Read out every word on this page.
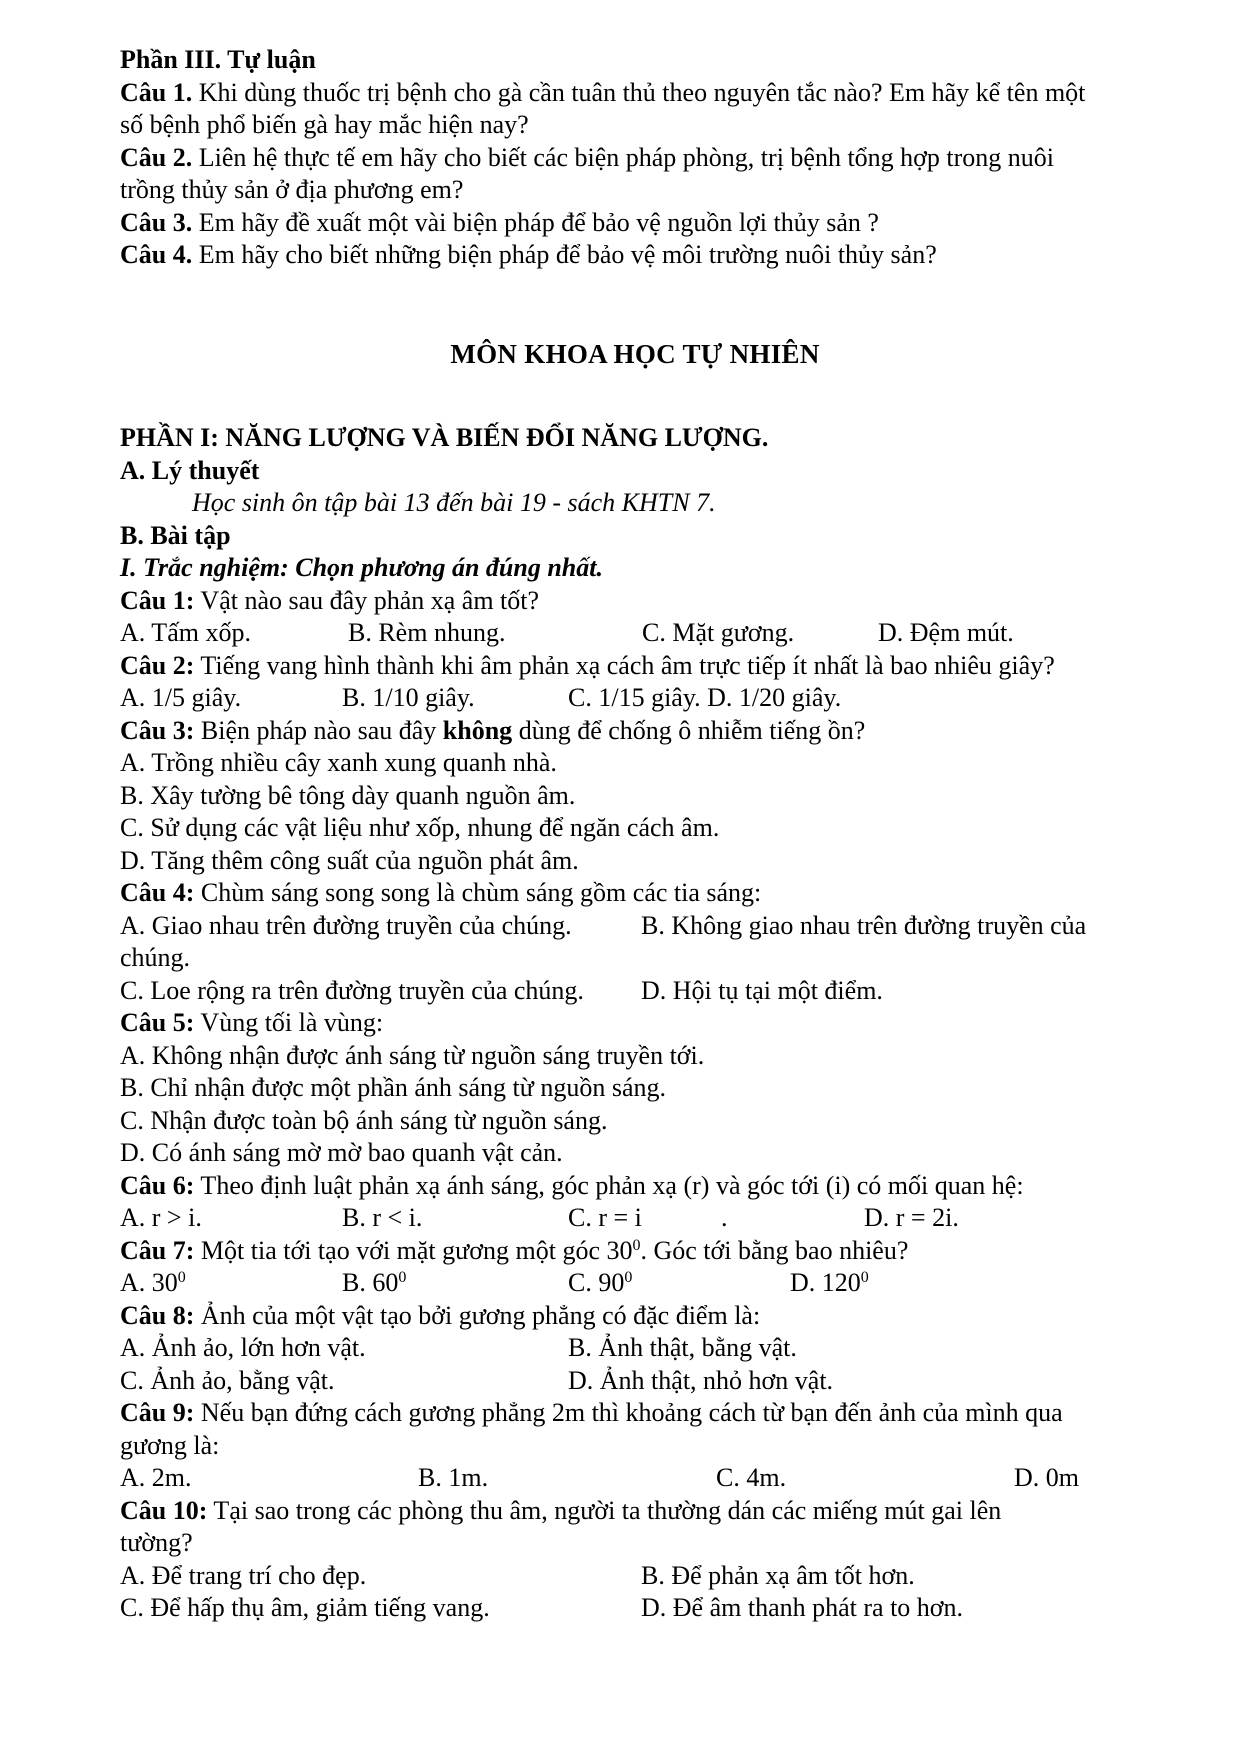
Phần III. Tự luận
Câu 1. Khi dùng thuốc trị bệnh cho gà cần tuân thủ theo nguyên tắc nào? Em hãy kể tên một
số bệnh phổ biến gà hay mắc hiện nay?
Câu 2. Liên hệ thực tế em hãy cho biết các biện pháp phòng, trị bệnh tổng hợp trong nuôi
trồng thủy sản ở địa phương em?
Câu 3. Em hãy đề xuất một vài biện pháp để bảo vệ nguồn lợi thủy sản ?
Câu 4. Em hãy cho biết những biện pháp để bảo vệ môi trường nuôi thủy sản?
MÔN KHOA HỌC TỰ NHIÊN
PHẦN I: NĂNG LƯỢNG VÀ BIẾN ĐỔI NĂNG LƯỢNG.
A. Lý thuyết
Học sinh ôn tập bài 13 đến bài 19 - sách KHTN 7.
B. Bài tập
I. Trắc nghiệm: Chọn phương án đúng nhất.
Câu 1: Vật nào sau đây phản xạ âm tốt?
A. Tấm xốp.	B. Rèm nhung.	C. Mặt gương.	D. Đệm mút.
Câu 2: Tiếng vang hình thành khi âm phản xạ cách âm trực tiếp ít nhất là bao nhiêu giây?
A. 1/5 giây.	B. 1/10 giây.	C. 1/15 giây. D. 1/20 giây.
Câu 3: Biện pháp nào sau đây không dùng để chống ô nhiễm tiếng ồn?
A. Trồng nhiều cây xanh xung quanh nhà.
B. Xây tường bê tông dày quanh nguồn âm.
C. Sử dụng các vật liệu như xốp, nhung để ngăn cách âm.
D. Tăng thêm công suất của nguồn phát âm.
Câu 4: Chùm sáng song song là chùm sáng gồm các tia sáng:
A. Giao nhau trên đường truyền của chúng.	B. Không giao nhau trên đường truyền của
chúng.
C. Loe rộng ra trên đường truyền của chúng. D. Hội tụ tại một điểm.
Câu 5: Vùng tối là vùng:
A. Không nhận được ánh sáng từ nguồn sáng truyền tới.
B. Chỉ nhận được một phần ánh sáng từ nguồn sáng.
C. Nhận được toàn bộ ánh sáng từ nguồn sáng.
D. Có ánh sáng mờ mờ bao quanh vật cản.
Câu 6: Theo định luật phản xạ ánh sáng, góc phản xạ (r) và góc tới (i) có mối quan hệ:
A. r > i.	B. r < i.	C. r = i	.	D. r = 2i.
Câu 7: Một tia tới tạo với mặt gương một góc $30^0$. Góc tới bằng bao nhiêu?
A. $30^0$	B. $60^0$	C. $90^0$	D. $120^0$
Câu 8: Ảnh của một vật tạo bởi gương phẳng có đặc điểm là:
A. Ảnh ảo, lớn hơn vật.	B. Ảnh thật, bằng vật.
C. Ảnh ảo, bằng vật.	D. Ảnh thật, nhỏ hơn vật.
Câu 9: Nếu bạn đứng cách gương phẳng 2m thì khoảng cách từ bạn đến ảnh của mình qua
gương là:
A. 2m.	B. 1m.	C. 4m.	D. 0m
Câu 10: Tại sao trong các phòng thu âm, người ta thường dán các miếng mút gai lên
tường?
A. Để trang trí cho đẹp.	B. Để phản xạ âm tốt hơn.
C. Để hấp thụ âm, giảm tiếng vang.	D. Để âm thanh phát ra to hơn.
